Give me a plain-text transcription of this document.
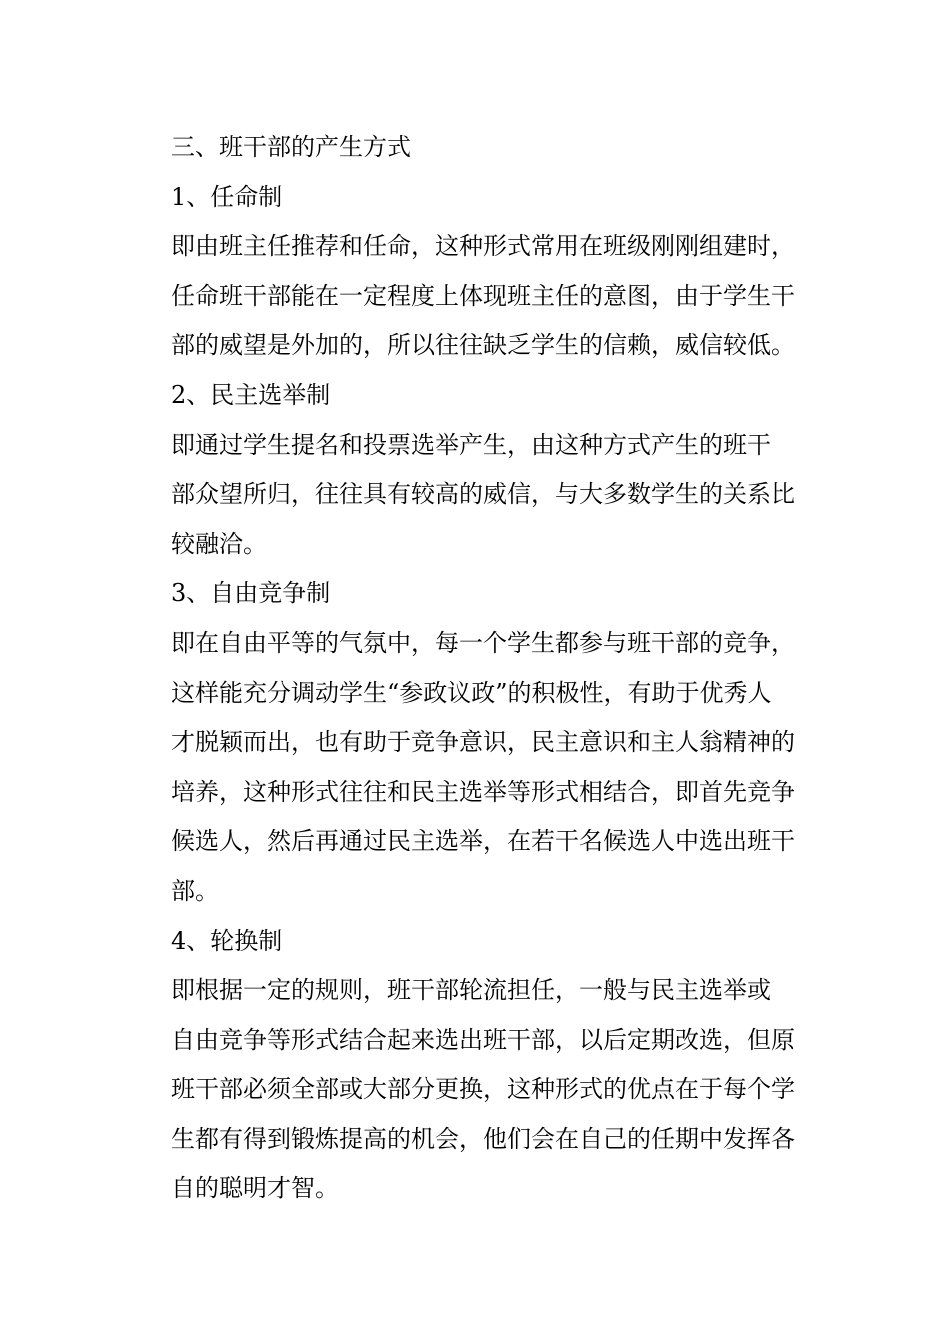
三、班干部的产生方式

1、任命制

即由班主任推荐和任命，这种形式常用在班级刚刚组建时，
任命班干部能在一定程度上体现班主任的意图，由于学生干
部的威望是外加的，所以往往缺乏学生的信赖，威信较低。

2、民主选举制

即通过学生提名和投票选举产生，由这种方式产生的班干
部众望所归，往往具有较高的威信，与大多数学生的关系比
较融洽。

3、自由竞争制

即在自由平等的气氛中，每一个学生都参与班干部的竞争，
这样能充分调动学生“参政议政”的积极性，有助于优秀人
才脱颖而出，也有助于竞争意识，民主意识和主人翁精神的
培养，这种形式往往和民主选举等形式相结合，即首先竞争
候选人，然后再通过民主选举，在若干名候选人中选出班干
部。

4、轮换制

即根据一定的规则，班干部轮流担任，一般与民主选举或
自由竞争等形式结合起来选出班干部，以后定期改选，但原
班干部必须全部或大部分更换，这种形式的优点在于每个学
生都有得到锻炼提高的机会，他们会在自己的任期中发挥各
自的聪明才智。
